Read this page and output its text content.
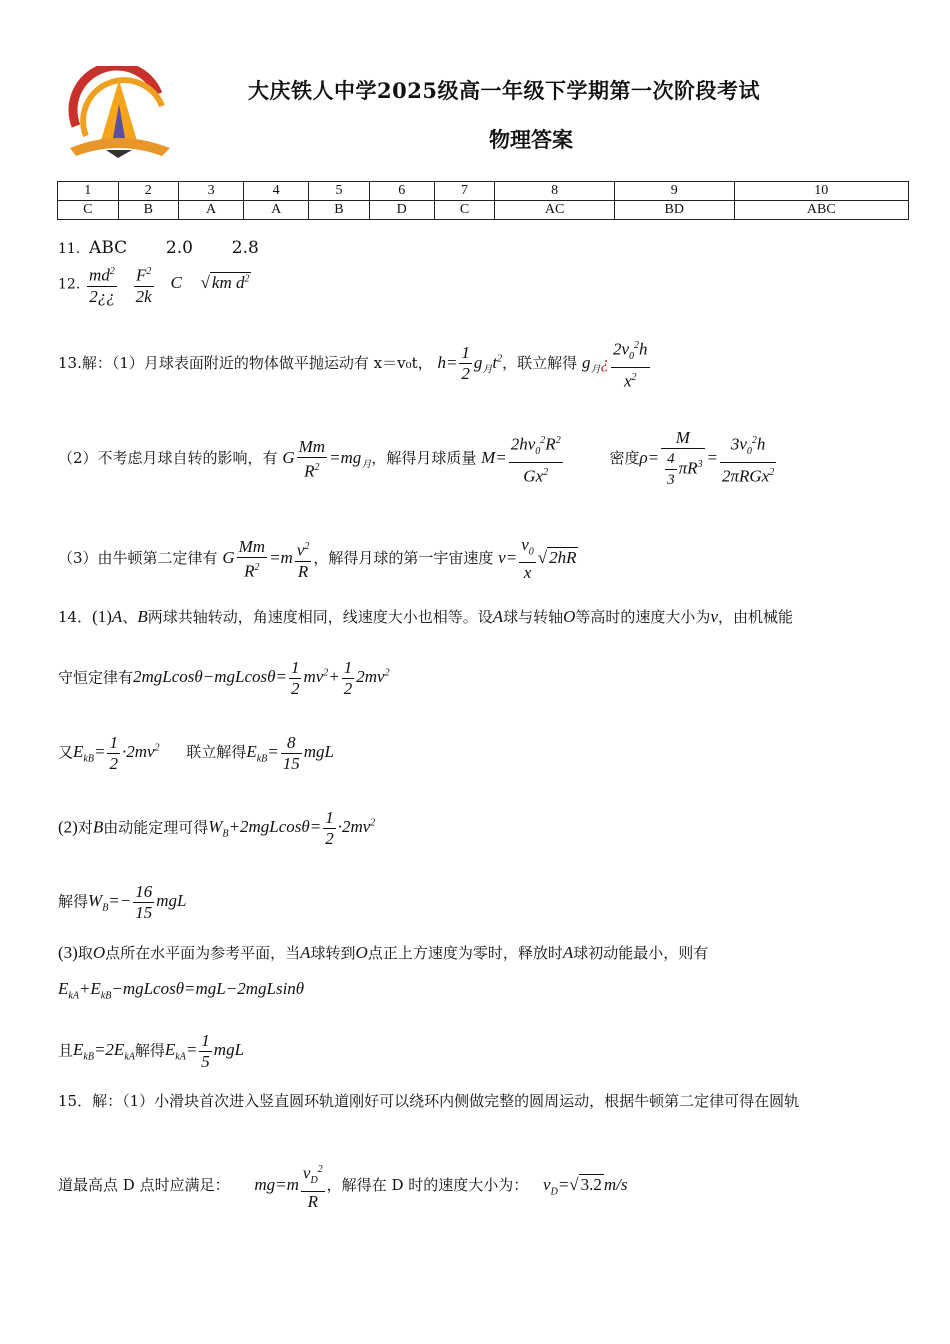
大庆铁人中学2025级高一年级下学期第一次阶段考试
物理答案
1	2	3	4	5	6	7	8	9	10
C	B	A	A	B	D	C	AC	BD	ABC
11. ABC 2.0 2.8
12. $\frac{md^2}{2¿¿}$
$\frac{F^2}{2k}$ C √ km $d^2$
13.解：（1）月球表面附近的物体做平抛运动有 x＝v₀t， $h= \frac{1}{2} g_月t^2$，联立解得 $g_月¿ \frac{2v_0^2h}{x^2}$
（2）不考虑月球自转的影响，有 G $\frac{Mm}{R^2} =mg_月$，解得月球质量 $M= \frac{2hv_0^2R^2}{Gx^2}$	密度$\rho= \frac{M}{\frac{4}{3} \pi R^3} = \frac{3v_0^2h}{2\pi RGx^2}$
（3）由牛顿第二定律有 G $\frac{Mm}{R^2} =m \frac{v^2}{R}$ ，解得月球的第一宇宙速度 $v= \frac{v_0}{x}$ √ 2hR
14．(1)A、B两球共轴转动，角速度相同，线速度大小也相等。设A球与转轴O等高时的速度大小为v，由机械能
守恒定律有$2mgLcos\theta-mgLcos\theta= \frac{1}{2} mv^2+ \frac{1}{2} 2mv^2$
又$E_{kB}= \frac{1}{2} \cdot 2mv^2$ 联立解得$E_{kB}= \frac{8}{15}$ mgL
(2)对B由动能定理可得$W_B+2mgLcos\theta= \frac{1}{2} \cdot 2mv^2$
解得$W_B=- \frac{16}{15}$ mgL
(3)取O点所在水平面为参考平面，当A球转到O点正上方速度为零时，释放时A球初动能最小，则有
$E_{kA}+E_{kB}-mgLcos\theta=mgL-2mgLsin\theta$
且$E_{kB}=2E_{kA}$解得$E_{kA}= \frac{1}{5}$ mgL
15．解：（1）小滑块首次进入竖直圆环轨道刚好可以绕环内侧做完整的圆周运动，根据牛顿第二定律可得在圆轨
道最高点 D 点时应满足： $mg=m \frac{v_D^2}{R}$ ，解得在 D 时的速度大小为： $v_D=√$ 3.2 m/s
